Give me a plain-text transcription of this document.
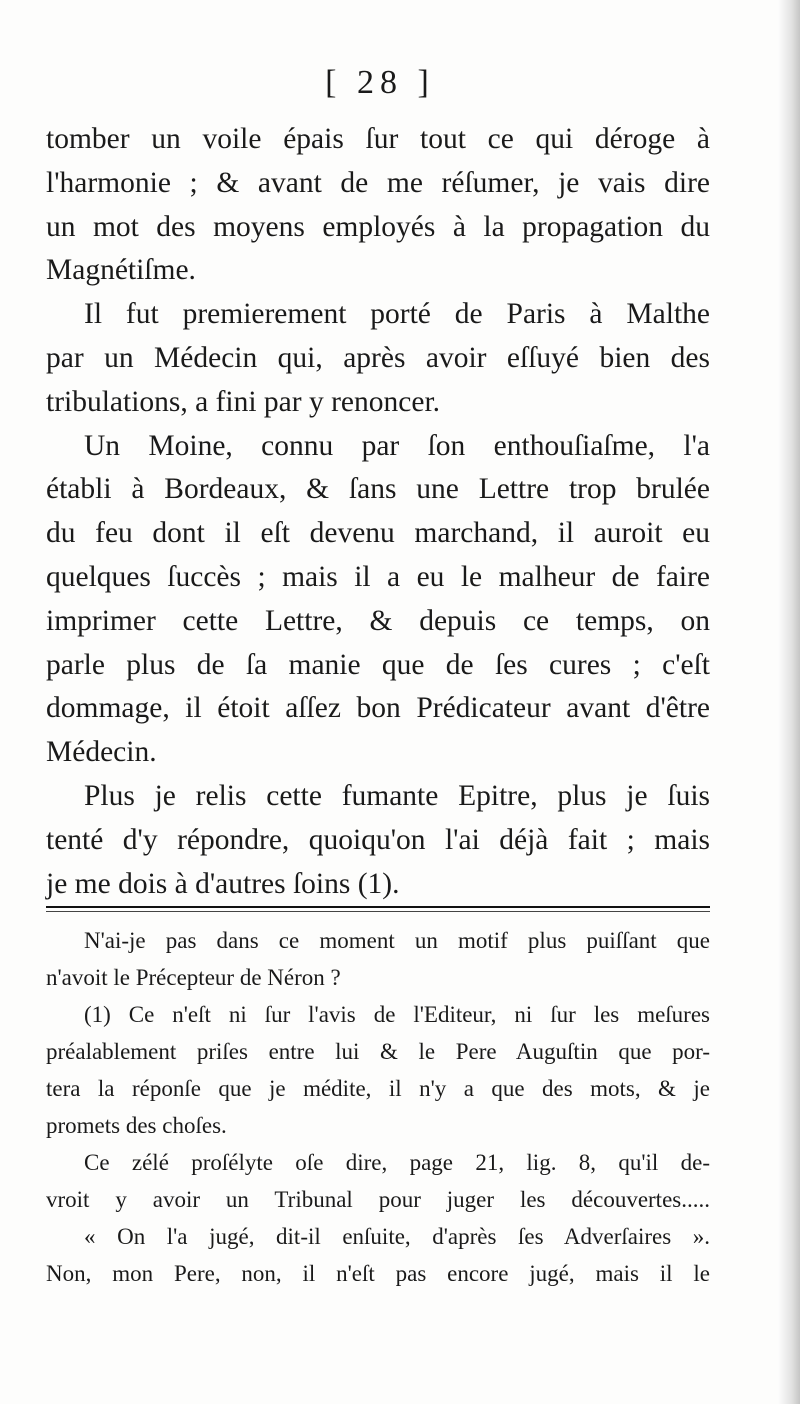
[ 28 ]

tomber un voile épais ſur tout ce qui déroge à
l'harmonie ; & avant de me réſumer, je vais dire
un mot des moyens employés à la propagation du
Magnétiſme.

Il fut premierement porté de Paris à Malthe
par un Médecin qui, après avoir eſſuyé bien des
tribulations, a fini par y renoncer.

Un Moine, connu par ſon enthouſiaſme, l'a
établi à Bordeaux, & ſans une Lettre trop brulée
du feu dont il eſt devenu marchand, il auroit eu
quelques ſuccès ; mais il a eu le malheur de faire
imprimer cette Lettre, & depuis ce temps, on
parle plus de ſa manie que de ſes cures ; c'eſt
dommage, il étoit aſſez bon Prédicateur avant d'être
Médecin.

Plus je relis cette fumante Epitre, plus je ſuis
tenté d'y répondre, quoiqu'on l'ai déjà fait ; mais
je me dois à d'autres ſoins (1).

N'ai-je pas dans ce moment un motif plus puiſſant que
n'avoit le Précepteur de Néron ?
(1) Ce n'eſt ni ſur l'avis de l'Editeur, ni ſur les meſures
préalablement priſes entre lui & le Pere Auguſtin que por-
tera la réponſe que je médite, il n'y a que des mots, & je
promets des choſes.
Ce zélé proſélyte oſe dire, page 21, lig. 8, qu'il de-
vroit y avoir un Tribunal pour juger les découvertes.....
« On l'a jugé, dit-il enſuite, d'après ſes Adverſaires ».
Non, mon Pere, non, il n'eſt pas encore jugé, mais il le
